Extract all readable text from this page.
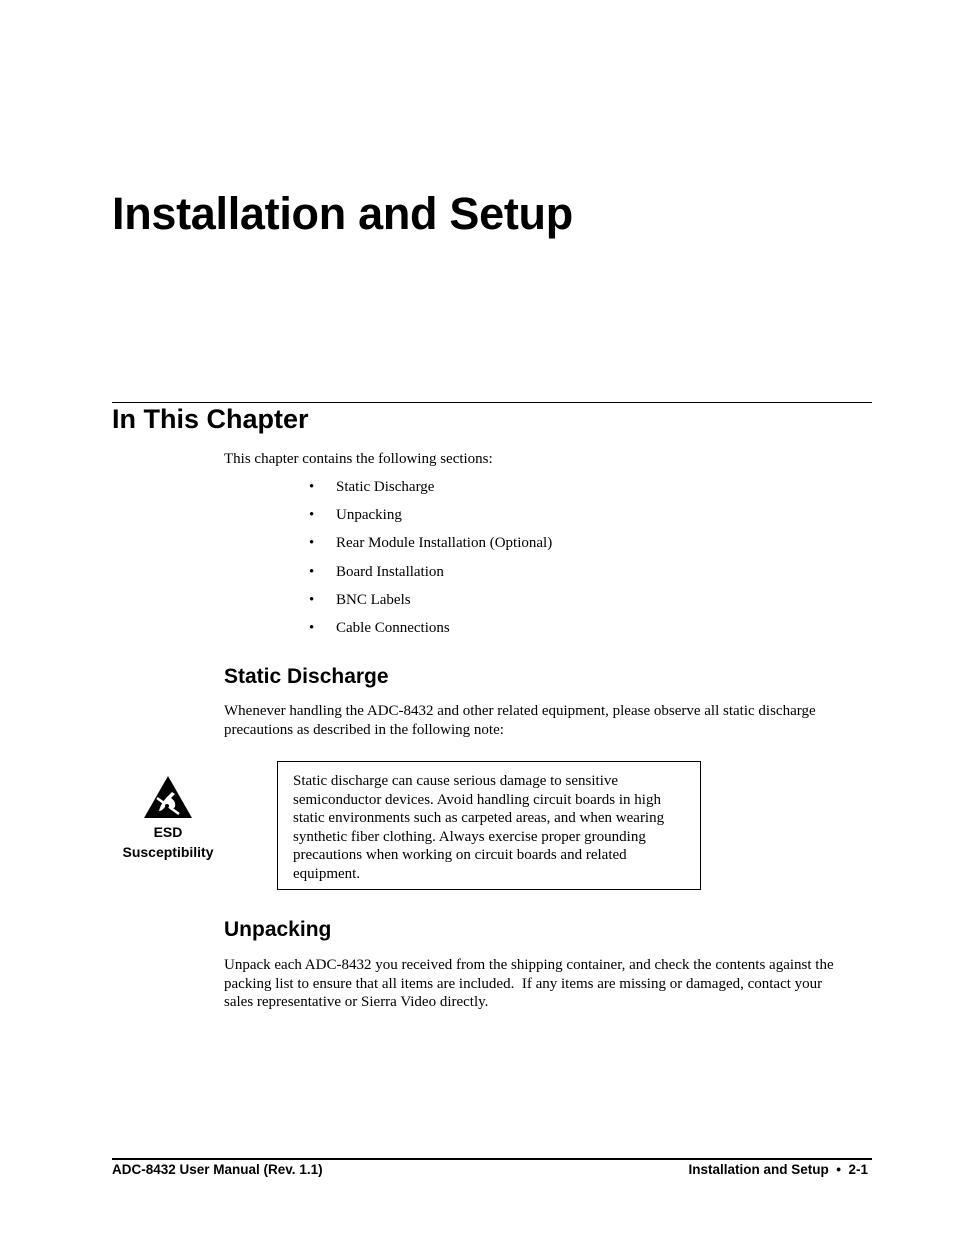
Installation and Setup
In This Chapter
This chapter contains the following sections:
•	Static Discharge
•	Unpacking
•	Rear Module Installation (Optional)
•	Board Installation
•	BNC Labels
•	Cable Connections
Static Discharge
Whenever handling the ADC-8432 and other related equipment, please observe all static discharge
precautions as described in the following note:
ESD
Susceptibility

Static discharge can cause serious damage to sensitive
semiconductor devices. Avoid handling circuit boards in high
static environments such as carpeted areas, and when wearing
synthetic fiber clothing. Always exercise proper grounding
precautions when working on circuit boards and related
equipment.

Unpacking
Unpack each ADC-8432 you received from the shipping container, and check the contents against the
packing list to ensure that all items are included.  If any items are missing or damaged, contact your
sales representative or Sierra Video directly.
ADC-8432 User Manual (Rev. 1.1)	Installation and Setup  •  2-1
